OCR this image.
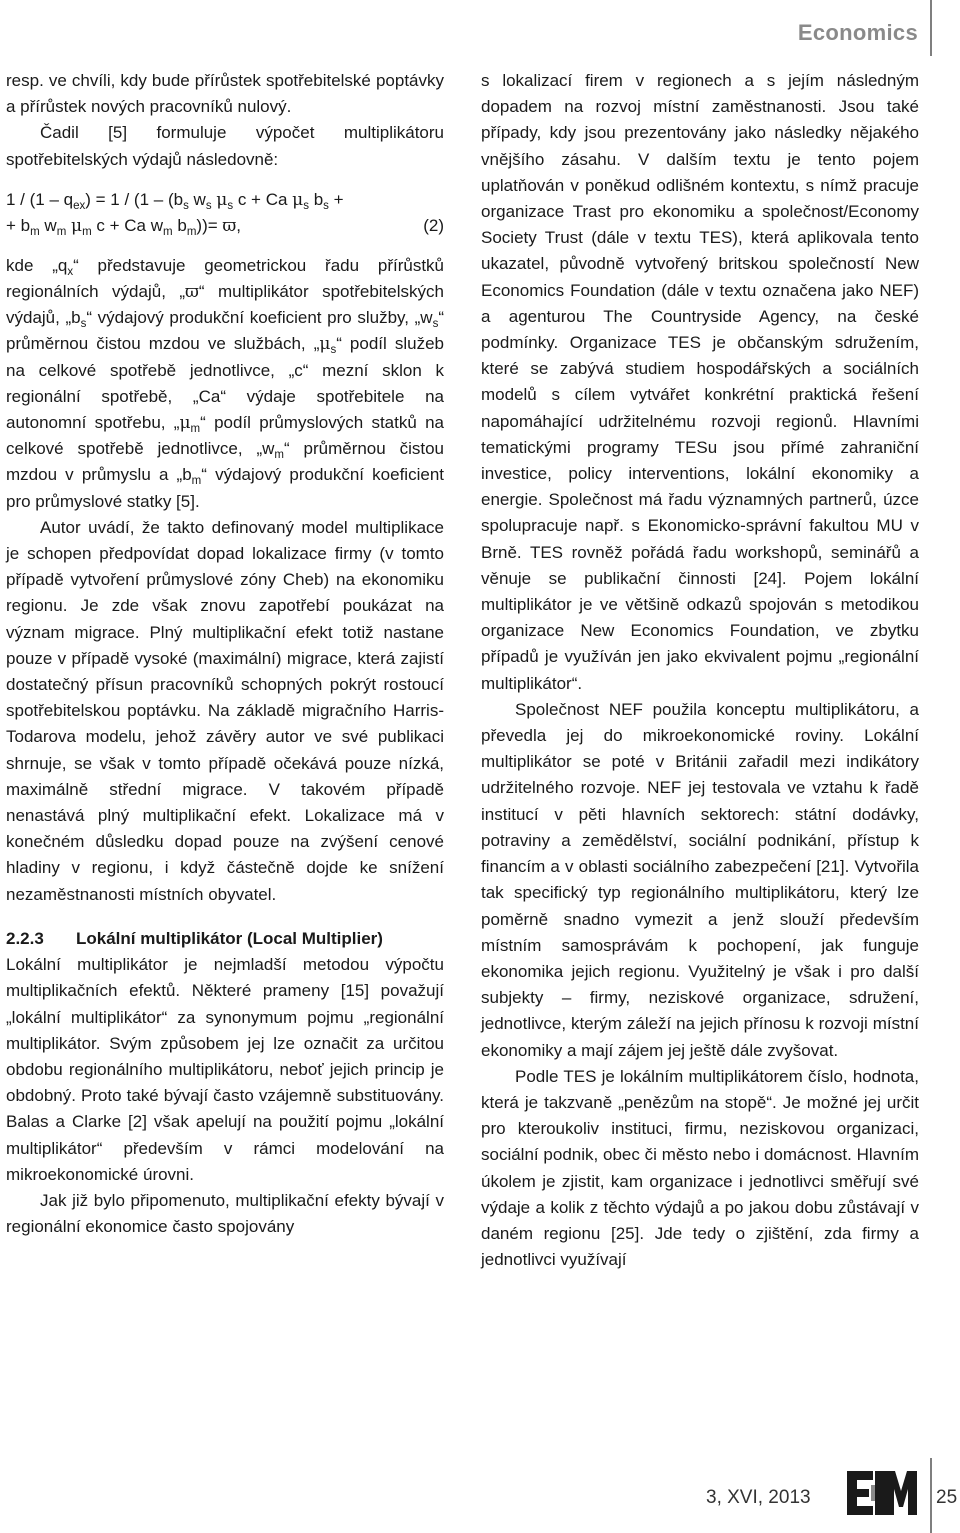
Economics

resp. ve chvíli, kdy bude přírůstek spotřebitelské poptávky a přírůstek nových pracovníků nulový.

Čadil [5] formuluje výpočet multiplikátoru spotřebitelských výdajů následovně:

$1 / (1 - q_{ex}) = 1 / (1 - (b_s$ $w_s$ $\mu_s$ c + Ca $\mu_s$ $b_s$ +

+ $b_m$ $w_m$ $\mu_m$ c + Ca $w_m$ $b_m))= ϖ$,	(2)

kde $„q_x“$ představuje geometrickou řadu přírůstků regionálních výdajů, „ϖ“ multiplikátor spotřebitelských výdajů, $„b_s“$ výdajový produkční koeficient pro služby, $„w_s“$ průměrnou čistou mzdou ve službách, $„\mu_s“$ podíl služeb na celkové spotřebě jednotlivce, „c“ mezní sklon k regionální spotřebě, „Ca“ výdaje spotřebitele na autonomní spotřebu, $„\mu_m“$ podíl průmyslových statků na celkové spotřebě jednotlivce, $„w_m“$ průměrnou čistou mzdou v průmyslu a $„b_m“$ výdajový produkční koeficient pro průmyslové statky [5].

Autor uvádí, že takto definovaný model multiplikace je schopen předpovídat dopad lokalizace firmy (v tomto případě vytvoření průmyslové zóny Cheb) na ekonomiku regionu. Je zde však znovu zapotřebí poukázat na význam migrace. Plný multiplikační efekt totiž nastane pouze v případě vysoké (maximální) migrace, která zajistí dostatečný přísun pracovníků schopných pokrýt rostoucí spotřebitelskou poptávku. Na základě migračního Harris-Todarova modelu, jehož závěry autor ve své publikaci shrnuje, se však v tomto případě očekává pouze nízká, maximálně střední migrace. V takovém případě nenastává plný multiplikační efekt. Lokalizace má v konečném důsledku dopad pouze na zvýšení cenové hladiny v regionu, i když částečně dojde ke snížení nezaměstnanosti místních obyvatel.

2.2.3 Lokální multiplikátor (Local Multiplier)

Lokální multiplikátor je nejmladší metodou výpočtu multiplikačních efektů. Některé prameny [15] považují „lokální multiplikátor“ za synonymum pojmu „regionální multiplikátor. Svým způsobem jej lze označit za určitou obdobu regionálního multiplikátoru, neboť jejich princip je obdobný. Proto také bývají často vzájemně substituovány. Balas a Clarke [2] však apelují na použití pojmu „lokální multiplikátor“ především v rámci modelování na mikroekonomické úrovni.

Jak již bylo připomenuto, multiplikační efekty bývají v regionální ekonomice často spojovány

s lokalizací firem v regionech a s jejím následným dopadem na rozvoj místní zaměstnanosti. Jsou také případy, kdy jsou prezentovány jako následky nějakého vnějšího zásahu. V dalším textu je tento pojem uplatňován v poněkud odlišném kontextu, s nímž pracuje organizace Trast pro ekonomiku a společnost/Economy Society Trust (dále v textu TES), která aplikovala tento ukazatel, původně vytvořený britskou společností New Economics Foundation (dále v textu označena jako NEF) a agenturou The Countryside Agency, na české podmínky. Organizace TES je občanským sdružením, které se zabývá studiem hospodářských a sociálních modelů s cílem vytvářet konkrétní praktická řešení napomáhající udržitelnému rozvoji regionů. Hlavními tematickými programy TESu jsou přímé zahraniční investice, policy interventions, lokální ekonomiky a energie. Společnost má řadu významných partnerů, úzce spolupracuje např. s Ekonomicko-správní fakultou MU v Brně. TES rovněž pořádá řadu workshopů, seminářů a věnuje se publikační činnosti [24]. Pojem lokální multiplikátor je ve většině odkazů spojován s metodikou organizace New Economics Foundation, ve zbytku případů je využíván jen jako ekvivalent pojmu „regionální multiplikátor“.

Společnost NEF použila konceptu multiplikátoru, a převedla jej do mikroekonomické roviny. Lokální multiplikátor se poté v Británii zařadil mezi indikátory udržitelného rozvoje. NEF jej testovala ve vztahu k řadě institucí v pěti hlavních sektorech: státní dodávky, potraviny a zemědělství, sociální podnikání, přístup k financím a v oblasti sociálního zabezpečení [21]. Vytvořila tak specifický typ regionálního multiplikátoru, který lze poměrně snadno vymezit a jenž slouží především místním samosprávám k pochopení, jak funguje ekonomika jejich regionu. Využitelný je však i pro další subjekty – firmy, neziskové organizace, sdružení, jednotlivce, kterým záleží na jejich přínosu k rozvoji místní ekonomiky a mají zájem jej ještě dále zvyšovat.

Podle TES je lokálním multiplikátorem číslo, hodnota, která je takzvaně „penězům na stopě“. Je možné jej určit pro kteroukoliv instituci, firmu, neziskovou organizaci, sociální podnik, obec či město nebo i domácnost. Hlavním úkolem je zjistit, kam organizace i jednotlivci směřují své výdaje a kolik z těchto výdajů a po jakou dobu zůstávají v daném regionu [25]. Jde tedy o zjištění, zda firmy a jednotlivci využívají

3, XVI, 2013	25
